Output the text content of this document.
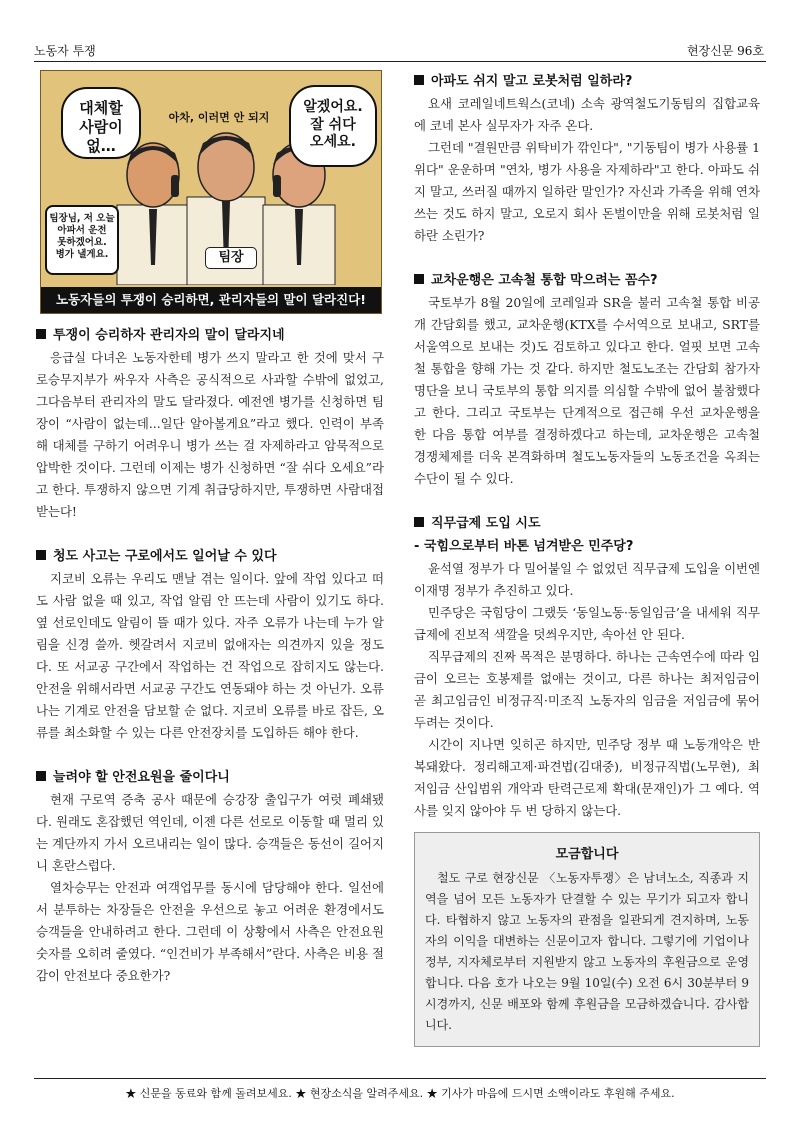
노동자 투쟁	현장신문 96호
대체할
사람이
없…
아차, 이러면 안 되지
알겠어요.
잘 쉬다
오세요.
팀장님, 저 오늘
아파서 운전
못하겠어요.
병가 낼게요.	팀장
노동자들의 투쟁이 승리하면, 관리자들의 말이 달라진다!
투쟁이 승리하자 관리자의 말이 달라지네

응급실 다녀온 노동자한테 병가 쓰지 말라고 한 것에 맞서 구로승무지부가 싸우자 사측은 공식적으로 사과할 수밖에 없었고, 그다음부터 관리자의 말도 달라졌다. 예전엔 병가를 신청하면 팀장이 “사람이 없는데...일단 알아볼게요”라고 했다. 인력이 부족해 대체를 구하기 어려우니 병가 쓰는 걸 자제하라고 암묵적으로 압박한 것이다. 그런데 이제는 병가 신청하면 “잘 쉬다 오세요”라고 한다. 투쟁하지 않으면 기계 취급당하지만, 투쟁하면 사람대접 받는다!

청도 사고는 구로에서도 일어날 수 있다

지코비 오류는 우리도 맨날 겪는 일이다. 앞에 작업 있다고 떠도 사람 없을 때 있고, 작업 알림 안 뜨는데 사람이 있기도 하다. 옆 선로인데도 알림이 뜰 때가 있다. 자주 오류가 나는데 누가 알림을 신경 쓸까. 헷갈려서 지코비 없애자는 의견까지 있을 정도다. 또 서교공 구간에서 작업하는 건 작업으로 잡히지도 않는다. 안전을 위해서라면 서교공 구간도 연동돼야 하는 것 아닌가. 오류 나는 기계로 안전을 담보할 순 없다. 지코비 오류를 바로 잡든, 오류를 최소화할 수 있는 다른 안전장치를 도입하든 해야 한다.

늘려야 할 안전요원을 줄이다니

현재 구로역 증축 공사 때문에 승강장 출입구가 여럿 폐쇄됐다. 원래도 혼잡했던 역인데, 이젠 다른 선로로 이동할 때 멀리 있는 계단까지 가서 오르내리는 일이 많다. 승객들은 동선이 길어지니 혼란스럽다.

열차승무는 안전과 여객업무를 동시에 담당해야 한다. 일선에서 분투하는 차장들은 안전을 우선으로 놓고 어려운 환경에서도 승객들을 안내하려고 한다. 그런데 이 상황에서 사측은 안전요원 숫자를 오히려 줄였다. “인건비가 부족해서”란다. 사측은 비용 절감이 안전보다 중요한가?

아파도 쉬지 말고 로봇처럼 일하라?

요새 코레일네트웍스(코네) 소속 광역철도기동팀의 집합교육에 코네 본사 실무자가 자주 온다.

그런데 "결원만큼 위탁비가 깎인다", "기동팀이 병가 사용률 1위다" 운운하며 "연차, 병가 사용을 자제하라"고 한다. 아파도 쉬지 말고, 쓰러질 때까지 일하란 말인가? 자신과 가족을 위해 연차 쓰는 것도 하지 말고, 오로지 회사 돈벌이만을 위해 로봇처럼 일하란 소린가?

교차운행은 고속철 통합 막으려는 꼼수?

국토부가 8월 20일에 코레일과 SR을 불러 고속철 통합 비공개 간담회를 했고, 교차운행(KTX를 수서역으로 보내고, SRT를 서울역으로 보내는 것)도 검토하고 있다고 한다. 얼핏 보면 고속철 통합을 향해 가는 것 같다. 하지만 철도노조는 간담회 참가자 명단을 보니 국토부의 통합 의지를 의심할 수밖에 없어 불참했다고 한다. 그리고 국토부는 단계적으로 접근해 우선 교차운행을 한 다음 통합 여부를 결정하겠다고 하는데, 교차운행은 고속철 경쟁체제를 더욱 본격화하며 철도노동자들의 노동조건을 옥죄는 수단이 될 수 있다.

직무급제 도입 시도
- 국힘으로부터 바톤 넘겨받은 민주당?

윤석열 정부가 다 밀어붙일 수 없었던 직무급제 도입을 이번엔 이재명 정부가 추진하고 있다.

민주당은 국힘당이 그랬듯 ‘동일노동·동일임금’을 내세워 직무급제에 진보적 색깔을 덧씌우지만, 속아선 안 된다.

직무급제의 진짜 목적은 분명하다. 하나는 근속연수에 따라 임금이 오르는 호봉제를 없애는 것이고, 다른 하나는 최저임금이 곧 최고임금인 비정규직·미조직 노동자의 임금을 저임금에 묶어두려는 것이다.

시간이 지나면 잊히곤 하지만, 민주당 정부 때 노동개악은 반복돼왔다. 정리해고제·파견법(김대중), 비정규직법(노무현), 최저임금 산입범위 개악과 탄력근로제 확대(문재인)가 그 예다. 역사를 잊지 않아야 두 번 당하지 않는다.

모금합니다

철도 구로 현장신문 〈노동자투쟁〉은 남녀노소, 직종과 지역을 넘어 모든 노동자가 단결할 수 있는 무기가 되고자 합니다. 타협하지 않고 노동자의 관점을 일관되게 견지하며, 노동자의 이익을 대변하는 신문이고자 합니다. 그렇기에 기업이나 정부, 지자체로부터 지원받지 않고 노동자의 후원금으로 운영합니다. 다음 호가 나오는 9월 10일(수) 오전 6시 30분부터 9시경까지, 신문 배포와 함께 후원금을 모금하겠습니다. 감사합니다.

★ 신문을 동료와 함께 돌려보세요. ★ 현장소식을 알려주세요. ★ 기사가 마음에 드시면 소액이라도 후원해 주세요.
